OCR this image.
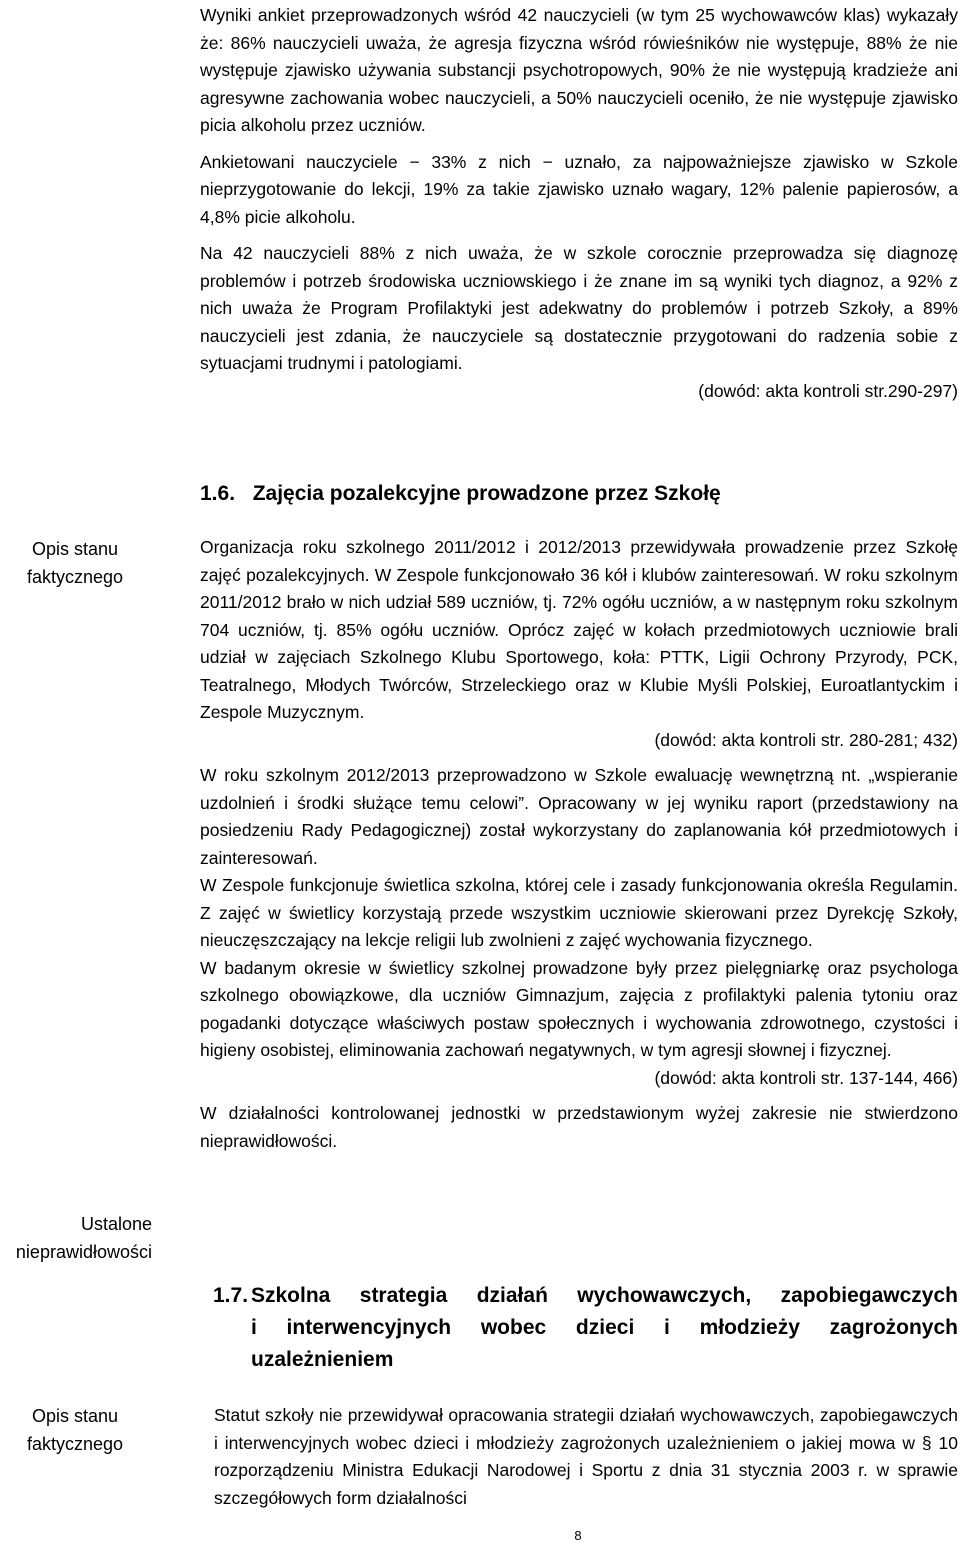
Wyniki ankiet przeprowadzonych wśród 42 nauczycieli (w tym 25 wychowawców klas) wykazały że: 86% nauczycieli uważa, że agresja fizyczna wśród rówieśników nie występuje, 88% że nie występuje zjawisko używania substancji psychotropowych, 90% że nie występują kradzieże ani agresywne zachowania wobec nauczycieli, a 50% nauczycieli oceniło, że nie występuje zjawisko picia alkoholu przez uczniów.

Ankietowani nauczyciele − 33% z nich − uznało, za najpoważniejsze zjawisko w Szkole nieprzygotowanie do lekcji, 19% za takie zjawisko uznało wagary, 12% palenie papierosów, a 4,8% picie alkoholu.

Na 42 nauczycieli 88% z nich uważa, że w szkole corocznie przeprowadza się diagnozę problemów i potrzeb środowiska uczniowskiego i że znane im są wyniki tych diagnoz, a 92% z nich uważa że Program Profilaktyki jest adekwatny do problemów i potrzeb Szkoły, a 89% nauczycieli jest zdania, że nauczyciele są dostatecznie przygotowani do radzenia sobie z sytuacjami trudnymi i patologiami.

(dowód: akta kontroli str.290-297)

1.6. Zajęcia pozalekcyjne prowadzone przez Szkołę
Opis stanu
faktycznego
Ustalone
nieprawidłowości
Opis stanu
faktycznego

Organizacja roku szkolnego 2011/2012 i 2012/2013 przewidywała prowadzenie przez Szkołę zajęć pozalekcyjnych. W Zespole funkcjonowało 36 kół i klubów zainteresowań. W roku szkolnym 2011/2012 brało w nich udział 589 uczniów, tj. 72% ogółu uczniów, a w następnym roku szkolnym 704 uczniów, tj. 85% ogółu uczniów. Oprócz zajęć w kołach przedmiotowych uczniowie brali udział w zajęciach Szkolnego Klubu Sportowego, koła: PTTK, Ligii Ochrony Przyrody, PCK, Teatralnego, Młodych Twórców, Strzeleckiego oraz w Klubie Myśli Polskiej, Euroatlantyckim i Zespole Muzycznym.

(dowód: akta kontroli str. 280-281; 432)

W roku szkolnym 2012/2013 przeprowadzono w Szkole ewaluację wewnętrzną nt. „wspieranie uzdolnień i środki służące temu celowi”. Opracowany w jej wyniku raport (przedstawiony na posiedzeniu Rady Pedagogicznej) został wykorzystany do zaplanowania kół przedmiotowych i zainteresowań.

W Zespole funkcjonuje świetlica szkolna, której cele i zasady funkcjonowania określa Regulamin. Z zajęć w świetlicy korzystają przede wszystkim uczniowie skierowani przez Dyrekcję Szkoły, nieuczęszczający na lekcje religii lub zwolnieni z zajęć wychowania fizycznego.

W badanym okresie w świetlicy szkolnej prowadzone były przez pielęgniarkę oraz psychologa szkolnego obowiązkowe, dla uczniów Gimnazjum, zajęcia z profilaktyki palenia tytoniu oraz pogadanki dotyczące właściwych postaw społecznych i wychowania zdrowotnego, czystości i higieny osobistej, eliminowania zachowań negatywnych, w tym agresji słownej i fizycznej.

(dowód: akta kontroli str. 137-144, 466)

W działalności kontrolowanej jednostki w przedstawionym wyżej zakresie nie stwierdzono nieprawidłowości.

1.7. Szkolna strategia działań wychowawczych, zapobiegawczych
i interwencyjnych wobec dzieci i młodzieży zagrożonych
uzależnieniem

Statut szkoły nie przewidywał opracowania strategii działań wychowawczych, zapobiegawczych i interwencyjnych wobec dzieci i młodzieży zagrożonych uzależnieniem o jakiej mowa w § 10 rozporządzeniu Ministra Edukacji Narodowej i Sportu z dnia 31 stycznia 2003 r. w sprawie szczegółowych form działalności

8
